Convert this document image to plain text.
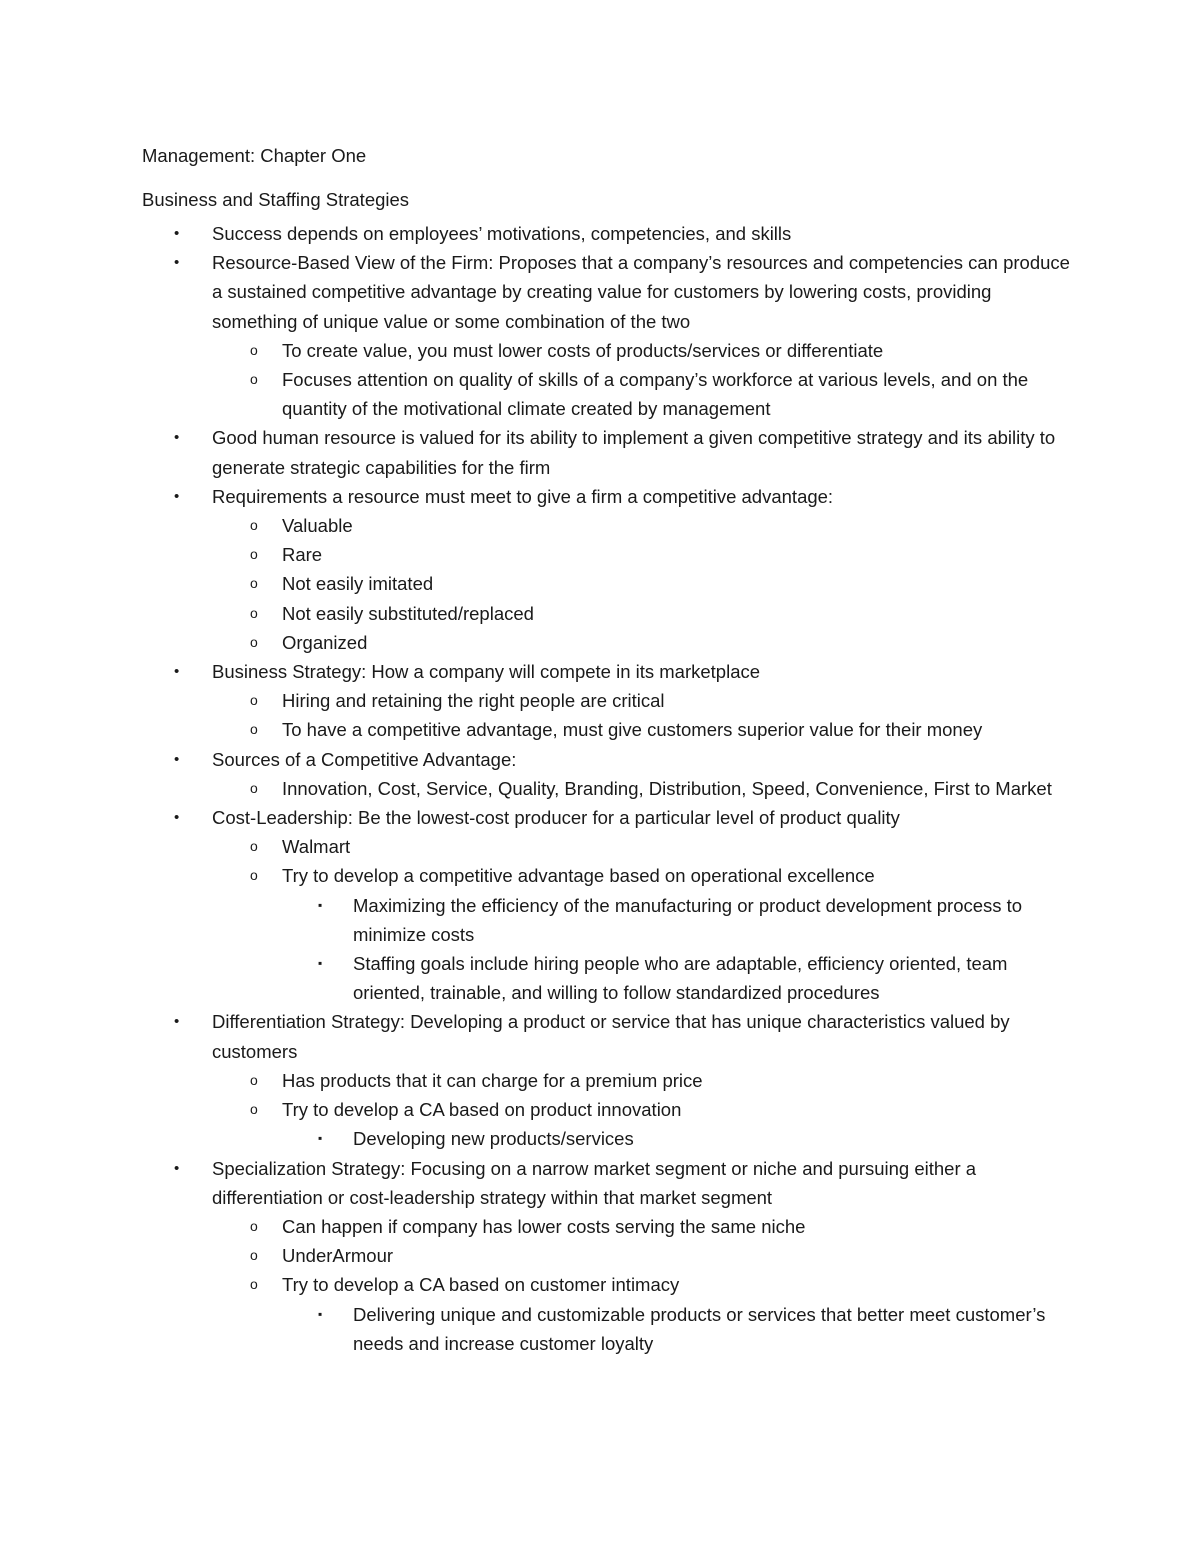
Management: Chapter One
Business and Staffing Strategies
• Success depends on employees’ motivations, competencies, and skills
• Resource-Based View of the Firm: Proposes that a company’s resources and competencies can produce a sustained competitive advantage by creating value for customers by lowering costs, providing something of unique value or some combination of the two
o To create value, you must lower costs of products/services or differentiate
o Focuses attention on quality of skills of a company’s workforce at various levels, and on the quantity of the motivational climate created by management
• Good human resource is valued for its ability to implement a given competitive strategy and its ability to generate strategic capabilities for the firm
• Requirements a resource must meet to give a firm a competitive advantage:
o Valuable
o Rare
o Not easily imitated
o Not easily substituted/replaced
o Organized
• Business Strategy: How a company will compete in its marketplace
o Hiring and retaining the right people are critical
o To have a competitive advantage, must give customers superior value for their money
• Sources of a Competitive Advantage:
o Innovation, Cost, Service, Quality, Branding, Distribution, Speed, Convenience, First to Market
• Cost-Leadership: Be the lowest-cost producer for a particular level of product quality
o Walmart
o Try to develop a competitive advantage based on operational excellence
▪ Maximizing the efficiency of the manufacturing or product development process to minimize costs
▪ Staffing goals include hiring people who are adaptable, efficiency oriented, team oriented, trainable, and willing to follow standardized procedures
• Differentiation Strategy: Developing a product or service that has unique characteristics valued by customers
o Has products that it can charge for a premium price
o Try to develop a CA based on product innovation
▪ Developing new products/services
• Specialization Strategy: Focusing on a narrow market segment or niche and pursuing either a differentiation or cost-leadership strategy within that market segment
o Can happen if company has lower costs serving the same niche
o UnderArmour
o Try to develop a CA based on customer intimacy
▪ Delivering unique and customizable products or services that better meet customer’s needs and increase customer loyalty
